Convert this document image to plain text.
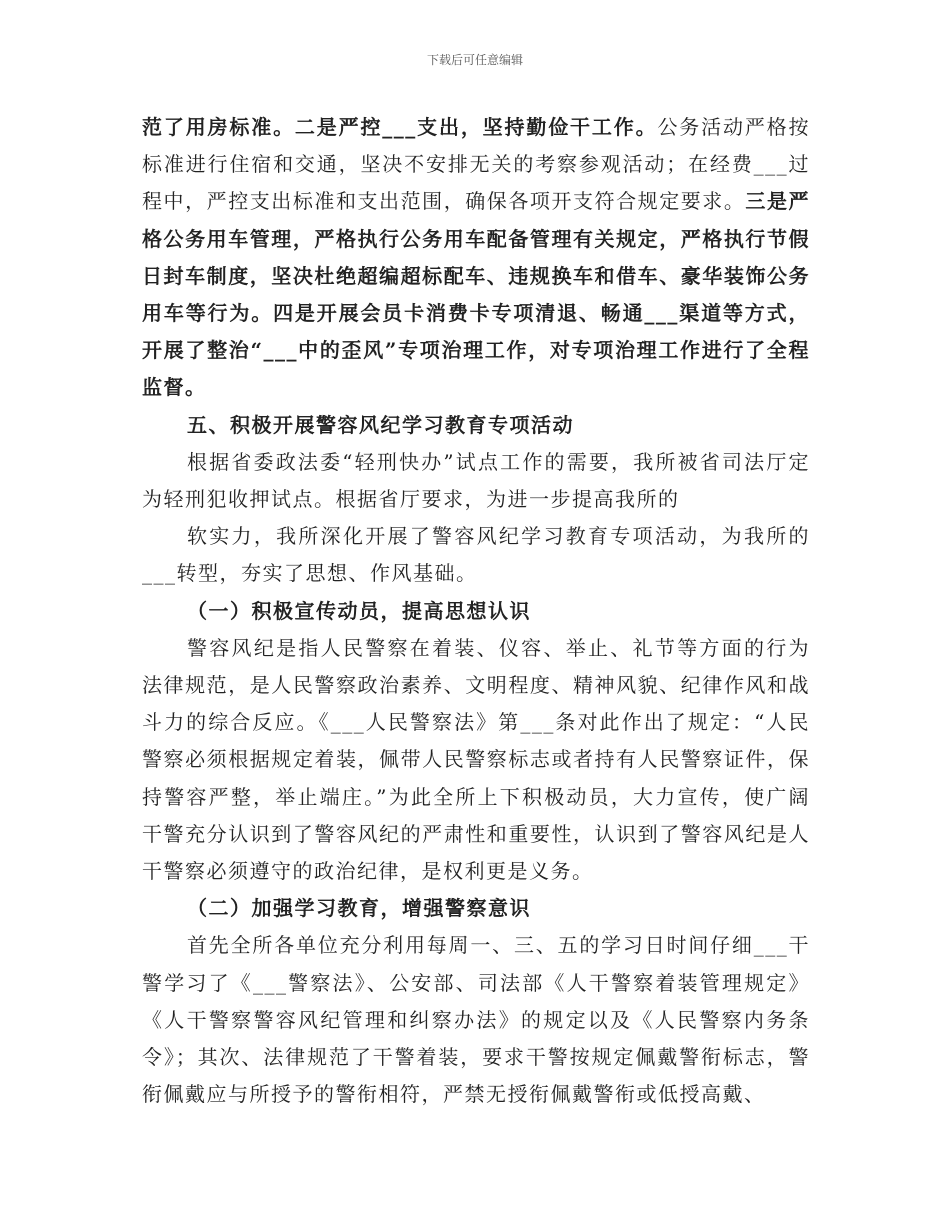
下载后可任意编辑

范了用房标准。二是严控___支出，坚持勤俭干工作。公务活动严格按标准进行住宿和交通，坚决不安排无关的考察参观活动；在经费___过程中，严控支出标准和支出范围，确保各项开支符合规定要求。三是严格公务用车管理，严格执行公务用车配备管理有关规定，严格执行节假日封车制度，坚决杜绝超编超标配车、违规换车和借车、豪华装饰公务用车等行为。四是开展会员卡消费卡专项清退、畅通___渠道等方式，开展了整治“___中的歪风”专项治理工作，对专项治理工作进行了全程监督。

五、积极开展警容风纪学习教育专项活动

根据省委政法委“轻刑快办”试点工作的需要，我所被省司法厅定为轻刑犯收押试点。根据省厅要求，为进一步提高我所的

软实力，我所深化开展了警容风纪学习教育专项活动，为我所的___转型，夯实了思想、作风基础。

（一）积极宣传动员，提高思想认识

警容风纪是指人民警察在着装、仪容、举止、礼节等方面的行为法律规范，是人民警察政治素养、文明程度、精神风貌、纪律作风和战斗力的综合反应。《___人民警察法》第___条对此作出了规定：“人民警察必须根据规定着装，佩带人民警察标志或者持有人民警察证件，保持警容严整，举止端庄。”为此全所上下积极动员，大力宣传，使广阔干警充分认识到了警容风纪的严肃性和重要性，认识到了警容风纪是人干警察必须遵守的政治纪律，是权利更是义务。

（二）加强学习教育，增强警察意识

首先全所各单位充分利用每周一、三、五的学习日时间仔细___干警学习了《___警察法》、公安部、司法部《人干警察着装管理规定》《人干警察警容风纪管理和纠察办法》的规定以及《人民警察内务条令》；其次、法律规范了干警着装，要求干警按规定佩戴警衔标志，警衔佩戴应与所授予的警衔相符，严禁无授衔佩戴警衔或低授高戴、
